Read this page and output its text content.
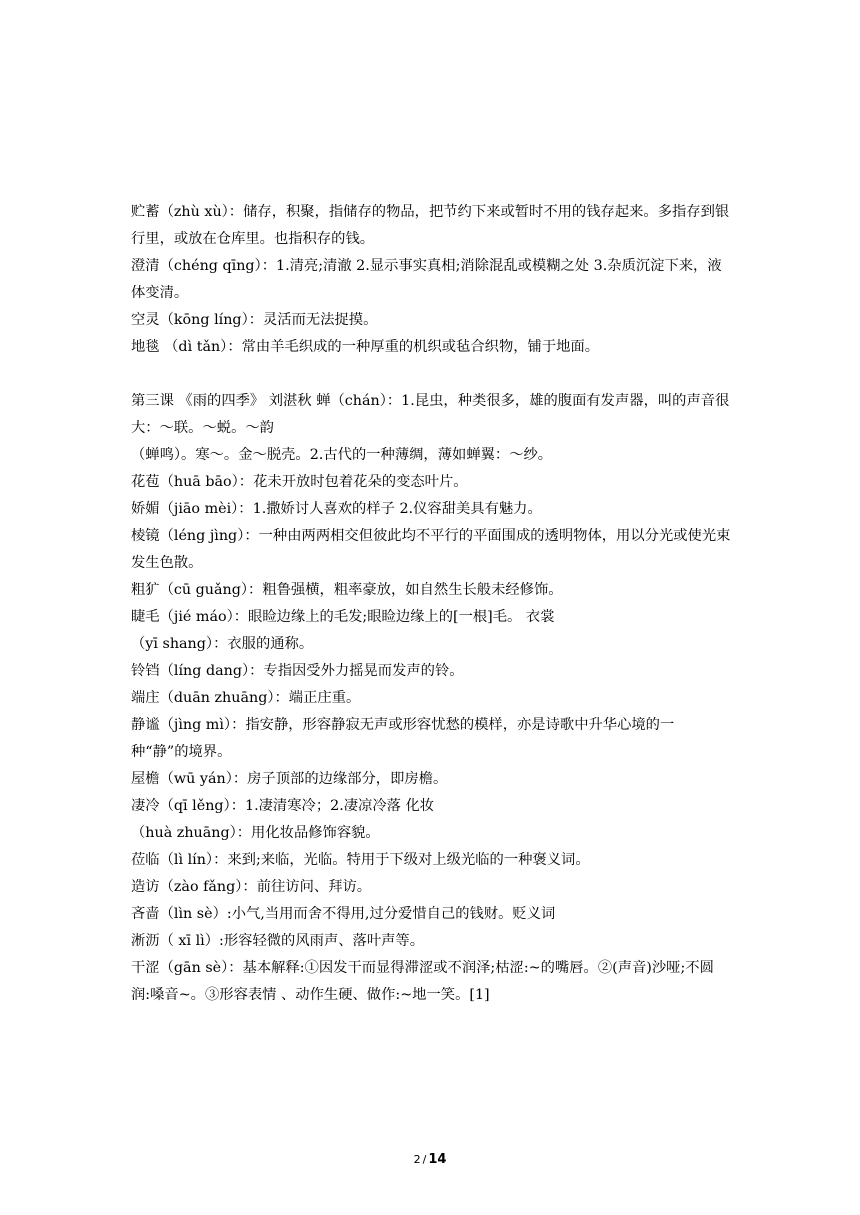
贮蓄（zhù xù）：储存，积聚，指储存的物品，把节约下来或暂时不用的钱存起来。多指存到银行里，或放在仓库里。也指积存的钱。

澄清（chéng qīng）：1.清亮;清澈 2.显示事实真相;消除混乱或模糊之处 3.杂质沉淀下来，液体变清。

空灵（kōng líng）：灵活而无法捉摸。

地毯 （dì tǎn）：常由羊毛织成的一种厚重的机织或毡合织物，铺于地面。

第三课 《雨的四季》 刘湛秋 蝉（chán）：1.昆虫，种类很多，雄的腹面有发声器，叫的声音很大：～联。～蜕。～韵

（蝉鸣）。寒～。金～脱壳。2.古代的一种薄绸，薄如蝉翼：～纱。

花苞（huā bāo）：花未开放时包着花朵的变态叶片。

娇媚（jiāo mèi）：1.撒娇讨人喜欢的样子 2.仪容甜美具有魅力。

棱镜（léng jìng）：一种由两两相交但彼此均不平行的平面围成的透明物体，用以分光或使光束发生色散。

粗犷（cū guǎng）：粗鲁强横，粗率豪放，如自然生长般未经修饰。

睫毛（jié máo）：眼睑边缘上的毛发;眼睑边缘上的[一根]毛。 衣裳

（yī shang）：衣服的通称。

铃铛（líng dang）：专指因受外力摇晃而发声的铃。

端庄（duān zhuāng）：端正庄重。

静谧（jìng mì）：指安静，形容静寂无声或形容忧愁的模样，亦是诗歌中升华心境的一种“静”的境界。

屋檐（wū yán）：房子顶部的边缘部分，即房檐。

凄冷（qī lěng）：1.凄清寒冷；2.凄凉冷落 化妆

（huà zhuāng）：用化妆品修饰容貌。

莅临（lì lín）：来到;来临，光临。特用于下级对上级光临的一种褒义词。

造访（zào fǎng）：前往访问、拜访。

吝啬（lìn sè）:小气,当用而舍不得用,过分爱惜自己的钱财。贬义词

淅沥（ xī lì）:形容轻微的风雨声、落叶声等。

干涩（gān sè）：基本解释:①因发干而显得滞涩或不润泽;枯涩:~的嘴唇。②(声音)沙哑;不圆润:嗓音~。③形容表情 、动作生硬、做作:~地一笑。[1]

2 / 14
